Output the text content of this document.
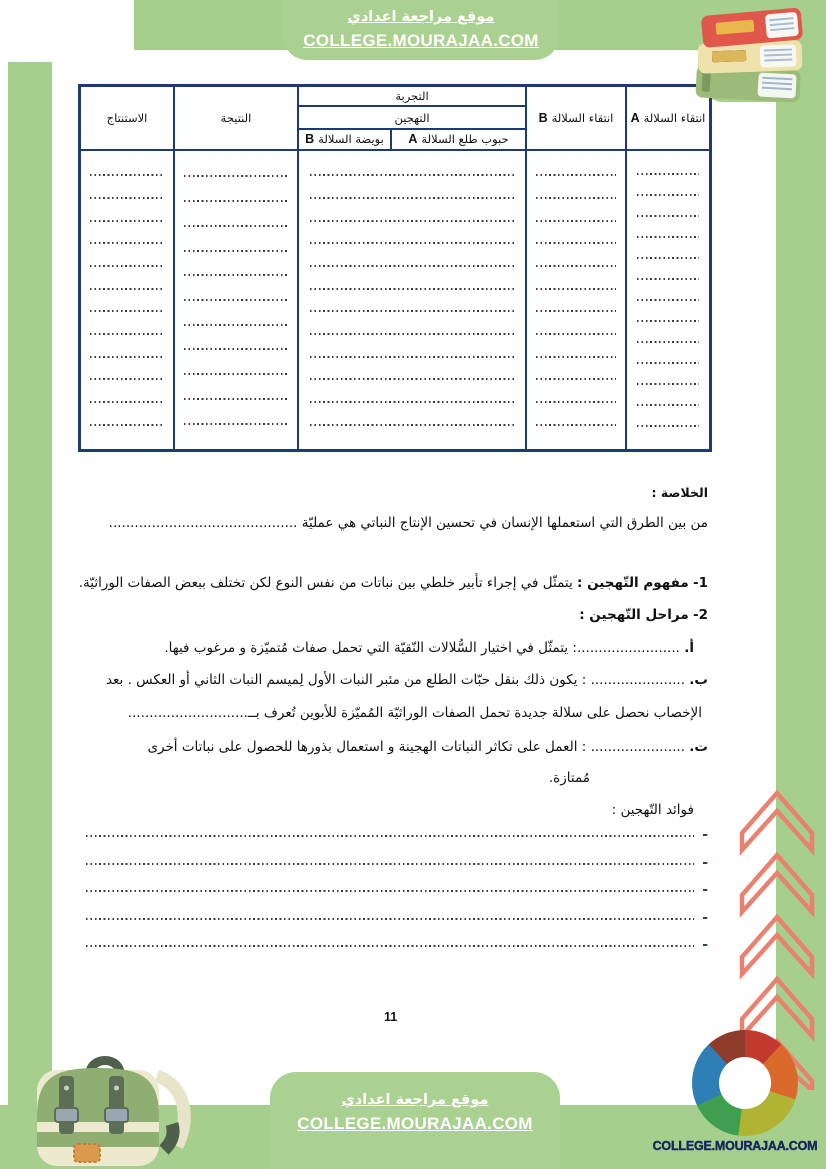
موقع مراجعة اعدادي
COLLEGE.MOURAJAA.COM
انتقاء السلالة
A
انتقاء السلالة
B
التجربة
التهجين
حبوب طلع السلالة
A
بويضة السلالة
B
النتيجة
الاستنتاج
الخلاصة :
من بين الطرق التي استعملها الإنسان في تحسين الإنتاج النباتي هي عمليّة ............................................
1- مفهوم التّهجين : يتمثّل في إجراء تأبير خلطي بين نباتات من نفس النوع لكن تختلف ببعض الصفات الوراثيّة.
2- مراحل التّهجين :
أ. ........................: يتمثّل في اختيار السُّلالات النّقيّة التي تحمل صفات مُتميّزة و مرغوب فيها.
ب. ...................... : يكون ذلك بنقل حبّات الطلع من مئبر النبات الأول لِميسم النبات الثاني أو العكس . بعد
الإخصاب نحصل على سلالة جديدة تحمل الصفات الوراثيّة المُميّزة للأبوين تُعرف بــ............................
ت. ...................... : العمل على تكاثر النباتات الهجينة و استعمال بذورها للحصول على نباتات أخرى
مُمتازة.
فوائد التّهجين :
-
-
-
-
-
11
موقع مراجعة اعدادي
COLLEGE.MOURAJAA.COM
COLLEGE.MOURAJAA.COM
